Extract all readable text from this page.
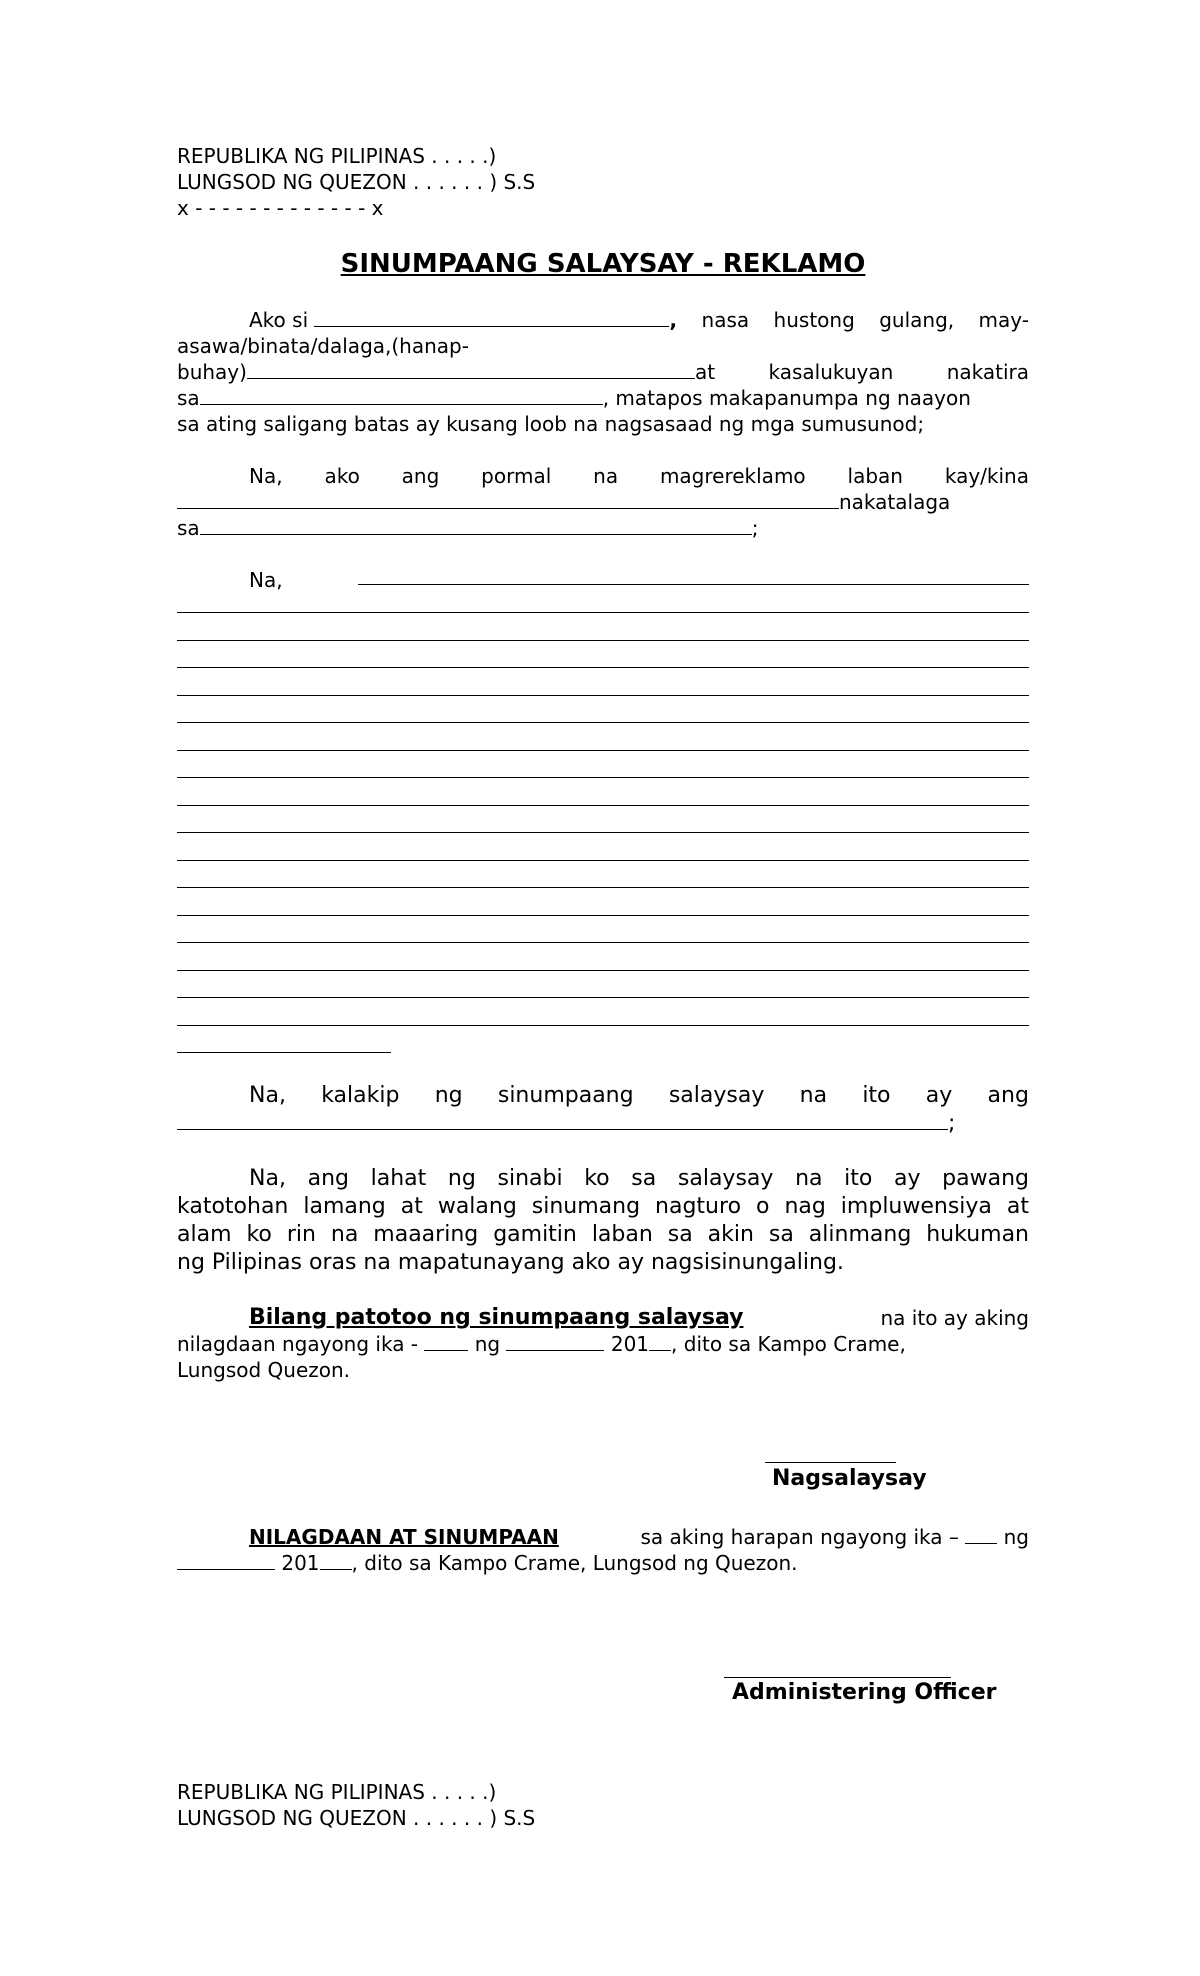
REPUBLIKA NG PILIPINAS . . . . .)
LUNGSOD NG QUEZON . . . . . . ) S.S
x - - - - - - - - - - - - - x
SINUMPAANG SALAYSAY - REKLAMO
Ako si	, nasa hustong gulang, may-
asawa/binata/dalaga,(hanap-
buhay)	at	kasalukuyan	nakatira
sa	, matapos makapanumpa ng naayon
sa ating saligang batas ay kusang loob na nagsasaad ng mga sumusunod;
Na, ako ang pormal na magrereklamo laban kay/kina
nakatalaga
sa	;
Na,
Na, kalakip ng sinumpaang salaysay na ito ay ang
;
Na, ang lahat ng sinabi ko sa salaysay na ito ay pawang
katotohan lamang at walang sinumang nagturo o nag impluwensiya at
alam ko rin na maaaring gamitin laban sa akin sa alinmang hukuman
ng Pilipinas oras na mapatunayang ako ay nagsisinungaling.
Bilang patotoo ng sinumpaang salaysay	na ito ay aking
nilagdaan ngayong ika -	ng	201 , dito sa Kampo Crame,
Lungsod Quezon.
Nagsalaysay
NILAGDAAN AT SINUMPAAN	sa aking harapan ngayong ika – ng
201 , dito sa Kampo Crame, Lungsod ng Quezon.
Administering Officer
REPUBLIKA NG PILIPINAS . . . . .)
LUNGSOD NG QUEZON . . . . . . ) S.S
